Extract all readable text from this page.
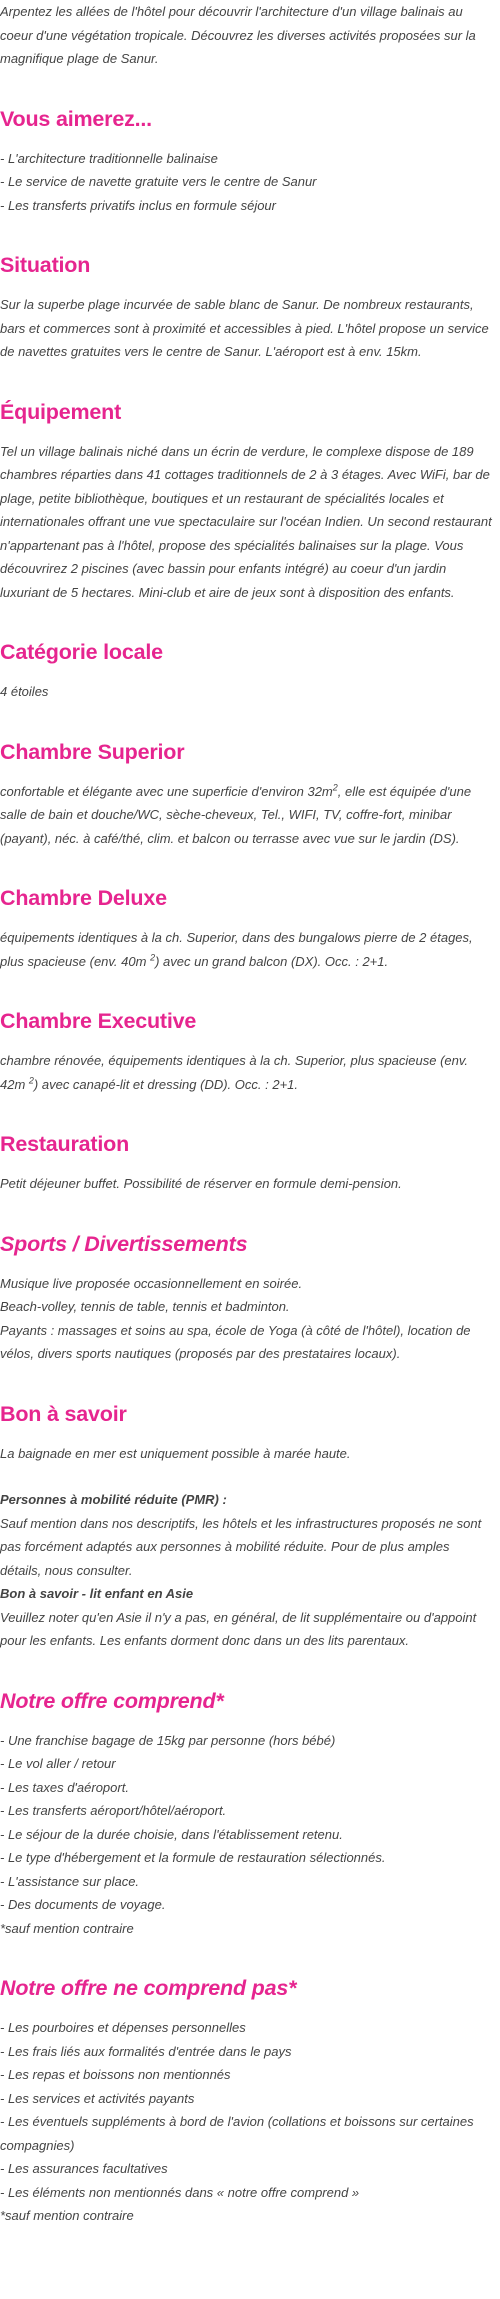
Arpentez les allées de l'hôtel pour découvrir l'architecture d'un village balinais au coeur d'une végétation tropicale. Découvrez les diverses activités proposées sur la magnifique plage de Sanur.

Vous aimerez...
- L'architecture traditionnelle balinaise
- Le service de navette gratuite vers le centre de Sanur
- Les transferts privatifs inclus en formule séjour
Situation

Sur la superbe plage incurvée de sable blanc de Sanur. De nombreux restaurants, bars et commerces sont à proximité et accessibles à pied. L'hôtel propose un service de navettes gratuites vers le centre de Sanur. L'aéroport est à env. 15km.

Équipement

Tel un village balinais niché dans un écrin de verdure, le complexe dispose de 189 chambres réparties dans 41 cottages traditionnels de 2 à 3 étages. Avec WiFi, bar de plage, petite bibliothèque, boutiques et un restaurant de spécialités locales et internationales offrant une vue spectaculaire sur l'océan Indien. Un second restaurant n'appartenant pas à l'hôtel, propose des spécialités balinaises sur la plage. Vous découvrirez 2 piscines (avec bassin pour enfants intégré) au coeur d'un jardin luxuriant de 5 hectares. Mini-club et aire de jeux sont à disposition des enfants.

Catégorie locale

4 étoiles

Chambre Superior

confortable et élégante avec une superficie d'environ $32m^2$, elle est équipée d'une salle de bain et douche/WC, sèche-cheveux, Tel., WIFI, TV, coffre-fort, minibar (payant), néc. à café/thé, clim. et balcon ou terrasse avec vue sur le jardin (DS).

Chambre Deluxe

équipements identiques à la ch. Superior, dans des bungalows pierre de 2 étages, plus spacieuse (env. 40m $^2$) avec un grand balcon (DX). Occ. : 2+1.

Chambre Executive

chambre rénovée, équipements identiques à la ch. Superior, plus spacieuse (env. 42m $^2$) avec canapé-lit et dressing (DD). Occ. : 2+1.

Restauration

Petit déjeuner buffet. Possibilité de réserver en formule demi-pension.

Sports / Divertissements
Musique live proposée occasionnellement en soirée.
Beach-volley, tennis de table, tennis et badminton.
Payants : massages et soins au spa, école de Yoga (à côté de l'hôtel), location de vélos, divers sports nautiques (proposés par des prestataires locaux).
Bon à savoir

La baignade en mer est uniquement possible à marée haute.

Personnes à mobilité réduite (PMR) :
Sauf mention dans nos descriptifs, les hôtels et les infrastructures proposés ne sont pas forcément adaptés aux personnes à mobilité réduite. Pour de plus amples détails, nous consulter.
Bon à savoir - lit enfant en Asie
Veuillez noter qu'en Asie il n'y a pas, en général, de lit supplémentaire ou d'appoint pour les enfants. Les enfants dorment donc dans un des lits parentaux.
Notre offre comprend*
- Une franchise bagage de 15kg par personne (hors bébé)
- Le vol aller / retour
- Les taxes d'aéroport.
- Les transferts aéroport/hôtel/aéroport.
- Le séjour de la durée choisie, dans l'établissement retenu.
- Le type d'hébergement et la formule de restauration sélectionnés.
- L'assistance sur place.
- Des documents de voyage.
*sauf mention contraire
Notre offre ne comprend pas*
- Les pourboires et dépenses personnelles
- Les frais liés aux formalités d'entrée dans le pays
- Les repas et boissons non mentionnés
- Les services et activités payants
- Les éventuels suppléments à bord de l'avion (collations et boissons sur certaines compagnies)
- Les assurances facultatives
- Les éléments non mentionnés dans « notre offre comprend »
*sauf mention contraire
